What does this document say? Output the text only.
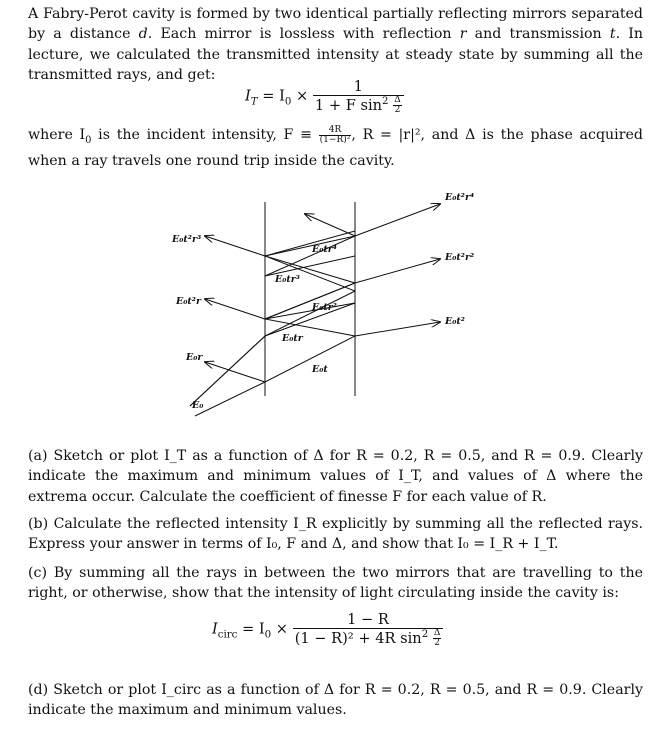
A Fabry-Perot cavity is formed by two identical partially reflecting mirrors separated by a distance d. Each mirror is lossless with reflection r and transmission t. In lecture, we calculated the transmitted intensity at steady state by summing all the transmitted rays, and get:

$I_T = I_0 \times \frac{1}{1 + F \sin^2 \frac{\Delta}{2}}$

where $I_0$ is the incident intensity, $F \equiv \frac{4R}{\text{(1−R)²}}$ , R = |r|², and Δ is the phase acquired when a ray travels one round trip inside the cavity.

E₀t²r⁴
E₀t²r²
E₀t²
E₀t²r³
E₀t²r
E₀r
E₀
E₀tr⁴
E₀tr³
E₀tr²
E₀tr
E₀t

(a) Sketch or plot I_T as a function of Δ for R = 0.2, R = 0.5, and R = 0.9. Clearly indicate the maximum and minimum values of I_T, and values of Δ where the extrema occur. Calculate the coefficient of finesse F for each value of R.

(b) Calculate the reflected intensity I_R explicitly by summing all the reflected rays. Express your answer in terms of I₀, F and Δ, and show that I₀ = I_R + I_T.

(c) By summing all the rays in between the two mirrors that are travelling to the right, or otherwise, show that the intensity of light circulating inside the cavity is:

$I_{circ} = I_0 \times \frac{1 - R}{(1 - R)^2 + 4R \sin^2 \frac{\Delta}{2}}$

(d) Sketch or plot I_circ as a function of Δ for R = 0.2, R = 0.5, and R = 0.9. Clearly indicate the maximum and minimum values.
